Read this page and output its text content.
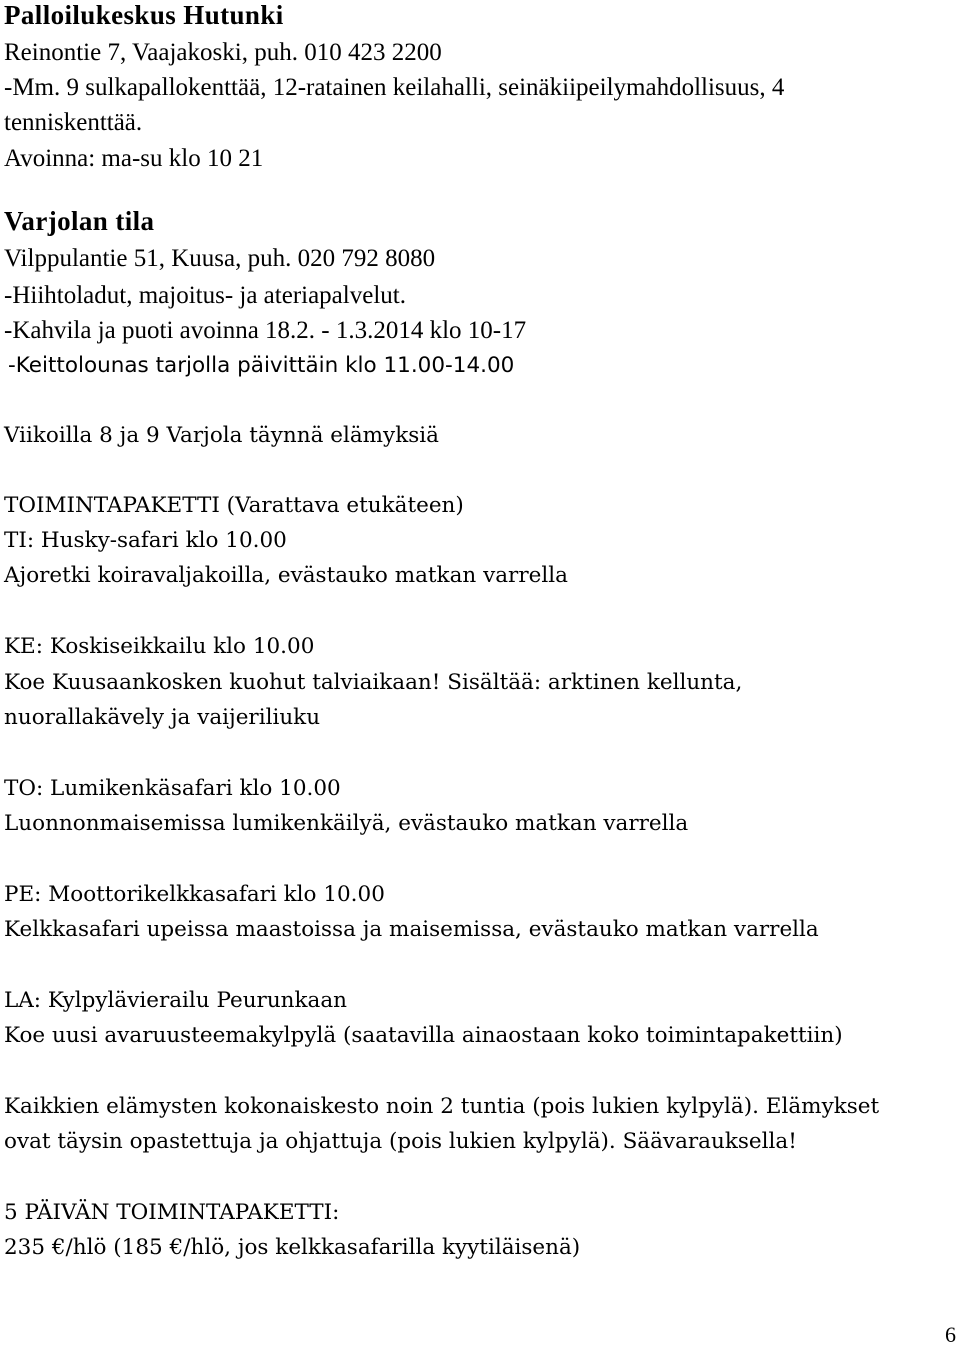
Palloilukeskus Hutunki
Reinontie 7, Vaajakoski, puh. 010 423 2200
-Mm. 9 sulkapallokenttää, 12-ratainen keilahalli, seinäkiipeilymahdollisuus, 4
tenniskenttää.
Avoinna: ma-su klo 10 21
Varjolan tila
Vilppulantie 51, Kuusa, puh. 020 792 8080
-Hiihtoladut, majoitus- ja ateriapalvelut.
-Kahvila ja puoti avoinna 18.2. - 1.3.2014 klo 10-17
-Keittolounas tarjolla päivittäin klo 11.00-14.00
Viikoilla 8 ja 9 Varjola täynnä elämyksiä
TOIMINTAPAKETTI (Varattava etukäteen)
TI: Husky-safari klo 10.00
Ajoretki koiravaljakoilla, evästauko matkan varrella
KE: Koskiseikkailu klo 10.00
Koe Kuusaankosken kuohut talviaikaan! Sisältää: arktinen kellunta,
nuorallakävely ja vaijeriliuku
TO: Lumikenkäsafari klo 10.00
Luonnonmaisemissa lumikenkäilyä, evästauko matkan varrella
PE: Moottorikelkkasafari klo 10.00
Kelkkasafari upeissa maastoissa ja maisemissa, evästauko matkan varrella
LA: Kylpylävierailu Peurunkaan
Koe uusi avaruusteemakylpylä (saatavilla ainaostaan koko toimintapakettiin)
Kaikkien elämysten kokonaiskesto noin 2 tuntia (pois lukien kylpylä). Elämykset
ovat täysin opastettuja ja ohjattuja (pois lukien kylpylä). Säävarauksella!
5 PÄIVÄN TOIMINTAPAKETTI:
235 €/hlö (185 €/hlö, jos kelkkasafarilla kyytiläisenä)
6
